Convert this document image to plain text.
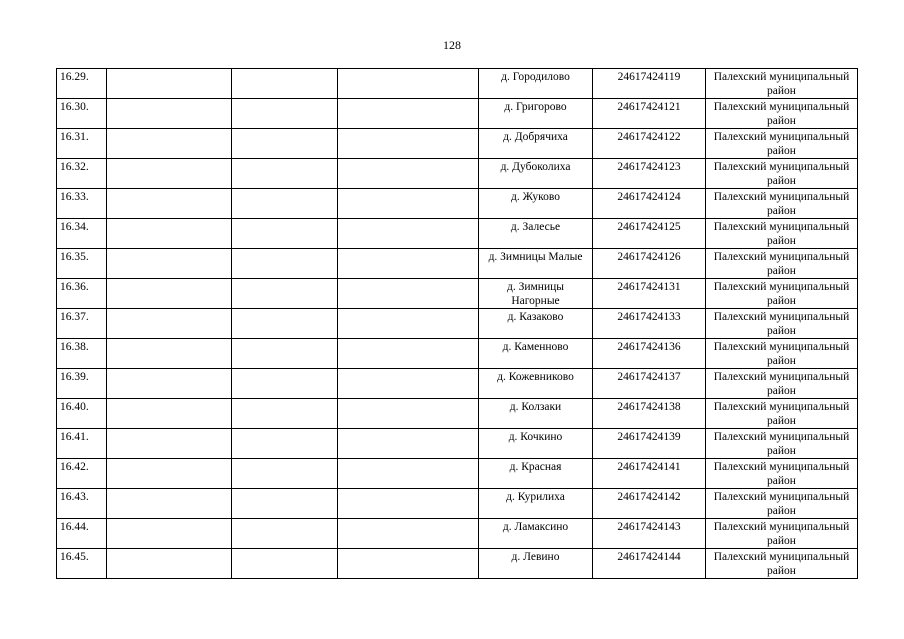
128
16.29.				д. Городилово	24617424119	Палехский муниципальный район
16.30.				д. Григорово	24617424121	Палехский муниципальный район
16.31.				д. Добрячиха	24617424122	Палехский муниципальный район
16.32.				д. Дубоколиха	24617424123	Палехский муниципальный район
16.33.				д. Жуково	24617424124	Палехский муниципальный район
16.34.				д. Залесье	24617424125	Палехский муниципальный район
16.35.				д. Зимницы Малые	24617424126	Палехский муниципальный район
16.36.				д. Зимницы Нагорные	24617424131	Палехский муниципальный район
16.37.				д. Казаково	24617424133	Палехский муниципальный район
16.38.				д. Каменново	24617424136	Палехский муниципальный район
16.39.				д. Кожевниково	24617424137	Палехский муниципальный район
16.40.				д. Колзаки	24617424138	Палехский муниципальный район
16.41.				д. Кочкино	24617424139	Палехский муниципальный район
16.42.				д. Красная	24617424141	Палехский муниципальный район
16.43.				д. Курилиха	24617424142	Палехский муниципальный район
16.44.				д. Ламаксино	24617424143	Палехский муниципальный район
16.45.				д. Левино	24617424144	Палехский муниципальный район
